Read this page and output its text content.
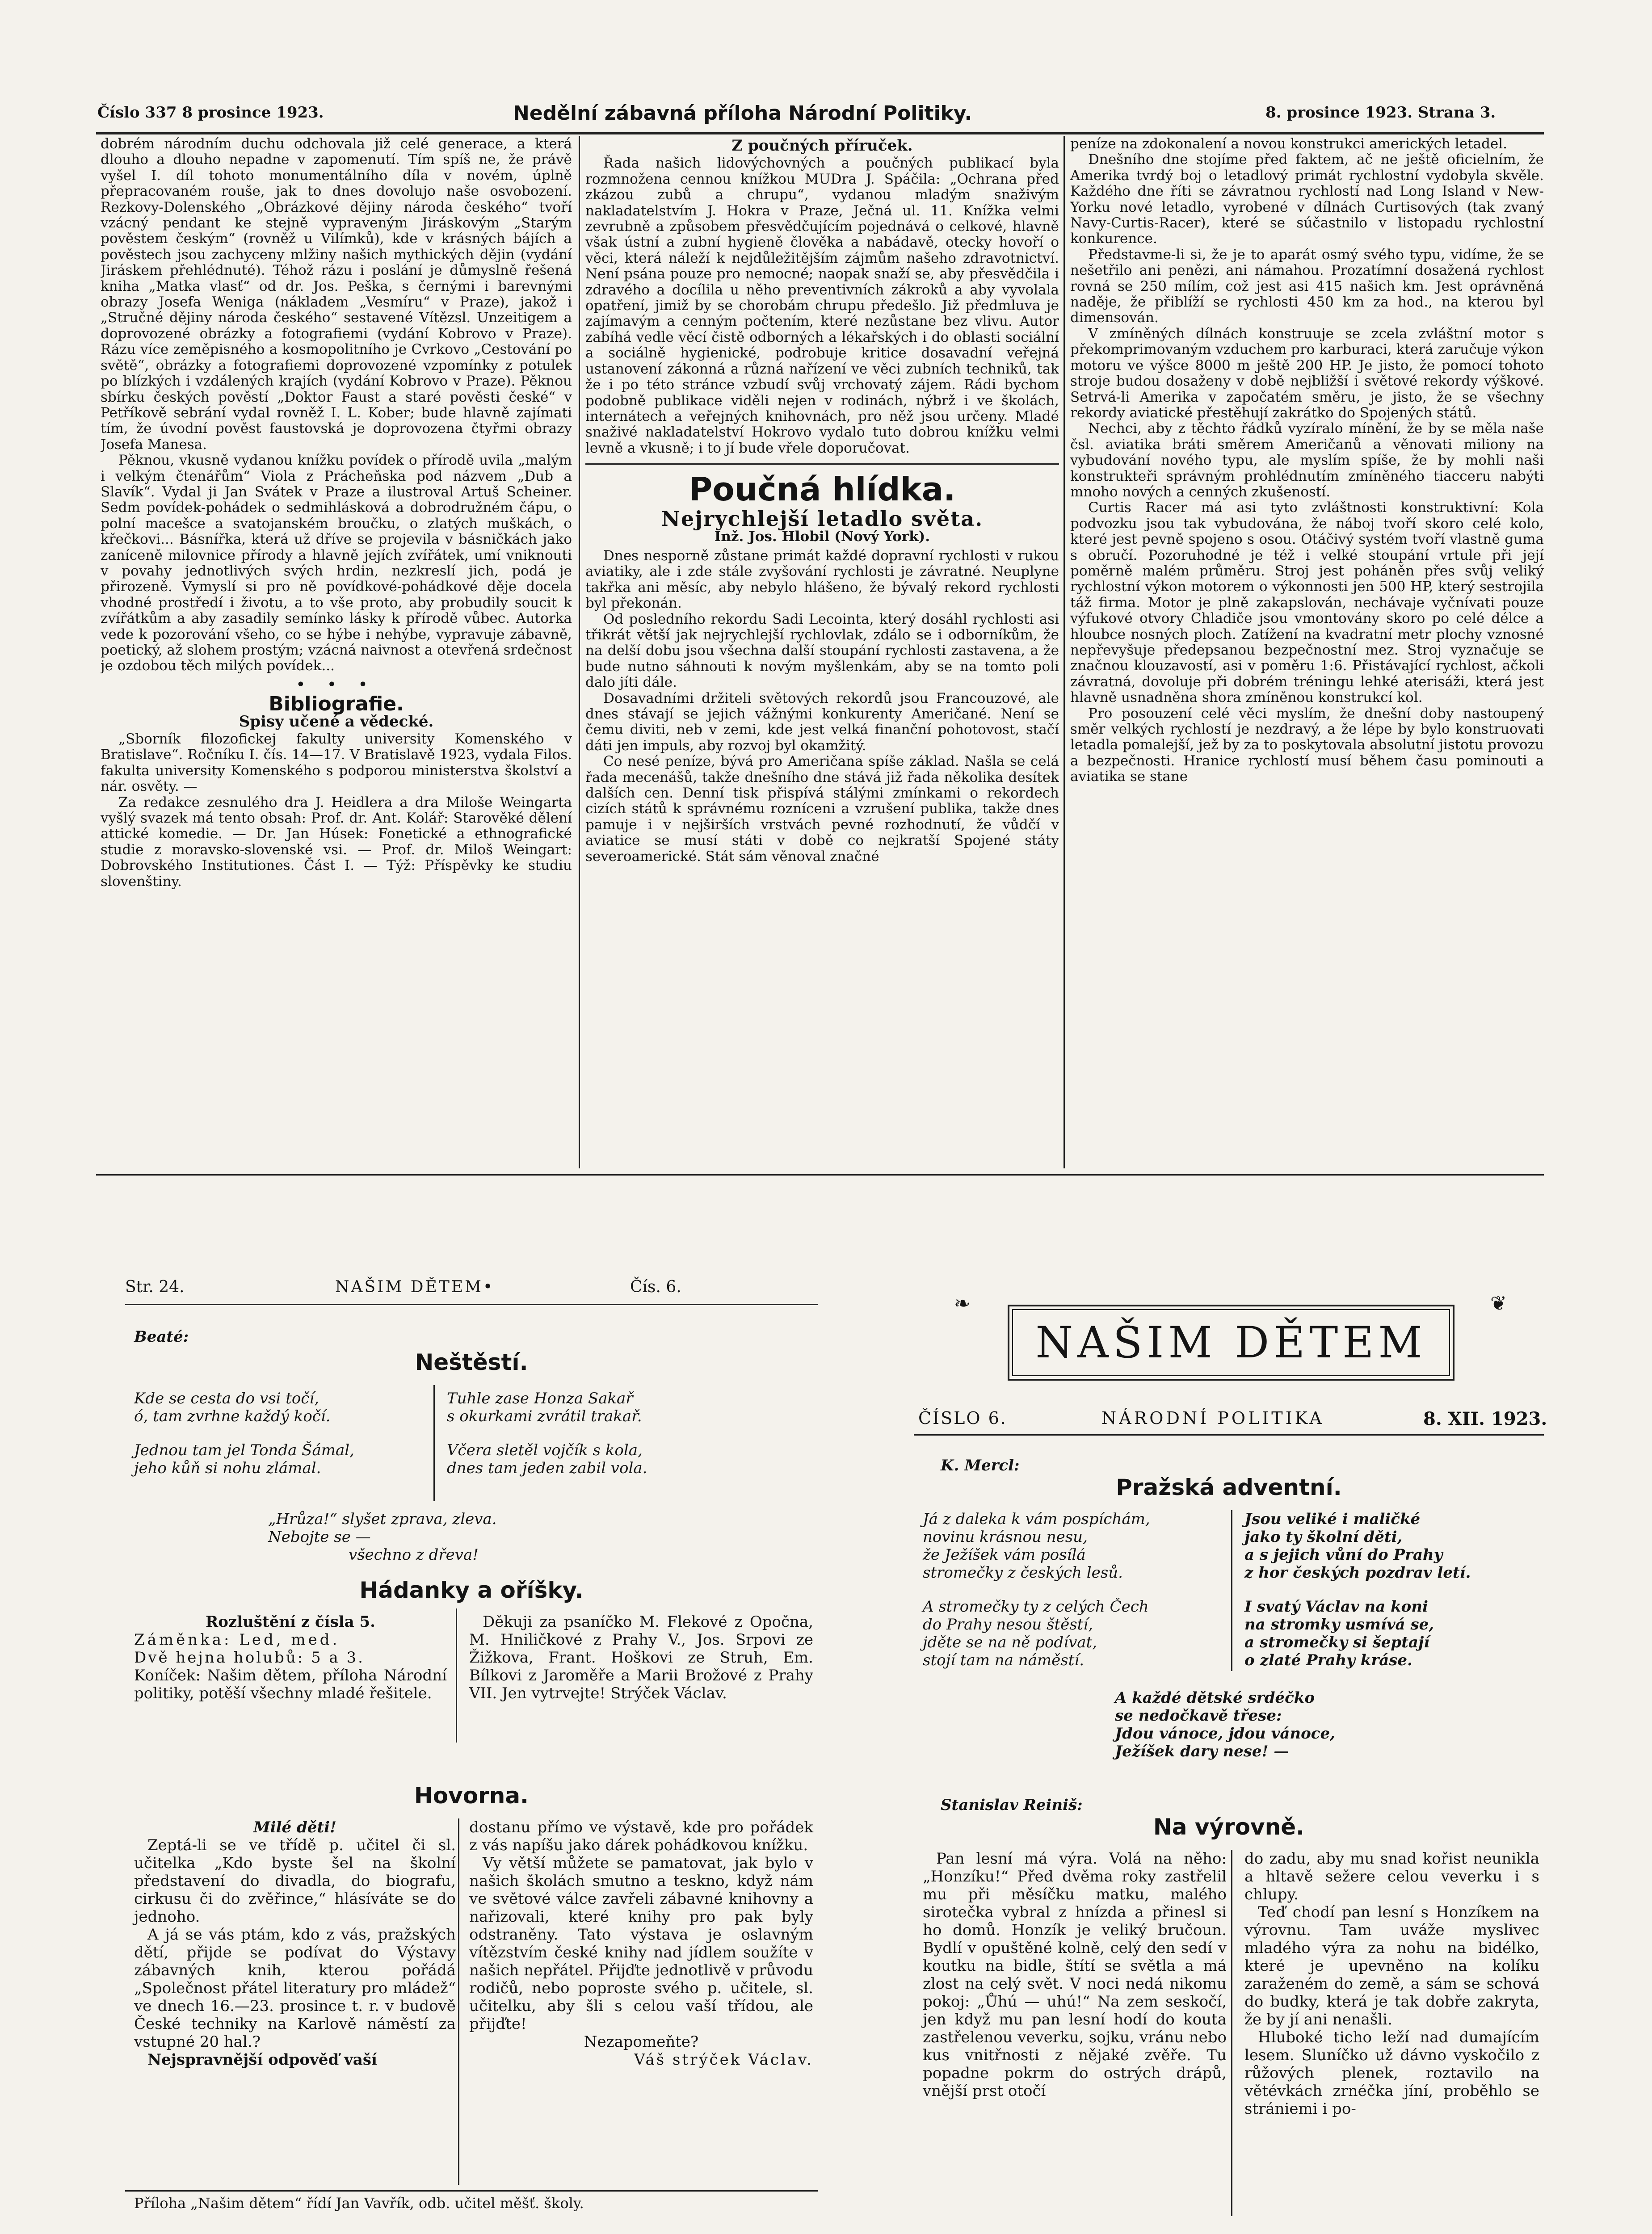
Číslo 337 8 prosince 1923.	Nedělní zábavná příloha Národní Politiky.	8. prosince 1923. Strana 3.

dobrém národním duchu odchovala již celé generace, a která dlouho a dlouho nepadne v zapomenutí. Tím spíš ne, že právě vyšel I. díl tohoto monumentálního díla v novém, úplně přepracovaném rouše, jak to dnes dovolujo naše osvobození. Rezkovy-Dolenského „Obrázkové dějiny národa českého“ tvoří vzácný pendant ke stejně vypraveným Jiráskovým „Starým pověstem českým“ (rovněž u Vilímků), kde v krásných bájích a pověstech jsou zachyceny mlžiny našich mythických dějin (vydání Jiráskem přehlédnuté). Téhož rázu i poslání je důmyslně řešená kniha „Matka vlasť“ od dr. Jos. Peška, s černými i barevnými obrazy Josefa Weniga (nákladem „Vesmíru“ v Praze), jakož i „Stručné dějiny národa českého“ sestavené Vítězsl. Unzeitigem a doprovozené obrázky a fotografiemi (vydání Kobrovo v Praze). Rázu více zeměpisného a kosmopolitního je Cvrkovo „Cestování po světě“, obrázky a fotografiemi doprovozené vzpomínky z potulek po blízkých i vzdálených krajích (vydání Kobrovo v Praze). Pěknou sbírku českých pověstí „Doktor Faust a staré pověsti české“ v Petříkově sebrání vydal rovněž I. L. Kober; bude hlavně zajímati tím, že úvodní pověst faustovská je doprovozena čtyřmi obrazy Josefa Manesa.

Pěknou, vkusně vydanou knížku povídek o přírodě uvila „malým i velkým čtenářům“ Viola z Prácheňska pod názvem „Dub a Slavík“. Vydal ji Jan Svátek v Praze a ilustroval Artuš Scheiner. Sedm povídek-pohádek o sedmihlásková a dobrodružném čápu, o polní macešce a svatojanském broučku, o zlatých muškách, o křečkovi... Básnířka, která už dříve se projevila v básničkách jako zaníceně milovnice přírody a hlavně jejích zvířátek, umí vniknouti v povahy jednotlivých svých hrdin, nezkreslí jich, podá je přirozeně. Vymyslí si pro ně povídkové-pohádkové děje docela vhodné prostředí i životu, a to vše proto, aby probudily soucit k zvířátkům a aby zasadily semínko lásky k přírodě vůbec. Autorka vede k pozorování všeho, co se hýbe i nehýbe, vypravuje zábavně, poetický, až slohem prostým; vzácná naivnost a otevřená srdečnost je ozdobou těch milých povídek...

• • •
Bibliografie.
Spisy učené a vědecké.

„Sborník filozofickej fakulty university Komenského v Bratislave“. Ročníku I. čís. 14—17. V Bratislavě 1923, vydala Filos. fakulta university Komenského s podporou ministerstva školství a nár. osvěty. —

Za redakce zesnulého dra J. Heidlera a dra Miloše Weingarta vyšlý svazek má tento obsah: Prof. dr. Ant. Kolář: Starověké dělení attické komedie. — Dr. Jan Húsek: Fonetické a ethnografické studie z moravsko-slovenské vsi. — Prof. dr. Miloš Weingart: Dobrovského Institutiones. Část I. — Týž: Příspěvky ke studiu slovenštiny.

Z poučných příruček.

Řada našich lidovýchovných a poučných publikací byla rozmnožena cennou knížkou MUDra J. Spáčila: „Ochrana před zkázou zubů a chrupu“, vydanou mladým snaživým nakladatelstvím J. Hokra v Praze, Ječná ul. 11. Knížka velmi zevrubně a způsobem přesvědčujícím pojednává o celkové, hlavně však ústní a zubní hygieně člověka a nabádavě, otecky hovoří o věci, která náleží k nejdůležitějším zájmům našeho zdravotnictví. Není psána pouze pro nemocné; naopak snaží se, aby přesvědčila i zdravého a docílila u něho preventivních zákroků a aby vyvolala opatření, jimiž by se chorobám chrupu předešlo. Již předmluva je zajímavým a cenným počtením, které nezůstane bez vlivu. Autor zabíhá vedle věcí čistě odborných a lékařských i do oblasti sociální a sociálně hygienické, podrobuje kritice dosavadní veřejná ustanovení zákonná a různá nařízení ve věci zubních techniků, tak že i po této stránce vzbudí svůj vrchovatý zájem. Rádi bychom podobně publikace viděli nejen v rodinách, nýbrž i ve školách, internátech a veřejných knihovnách, pro něž jsou určeny. Mladé snaživé nakladatelství Hokrovo vydalo tuto dobrou knížku velmi levně a vkusně; i to jí bude vřele doporučovat.

Poučná hlídka.
Nejrychlejší letadlo světa.
Inž. Jos. Hlobil (Nový York).

Dnes nesporně zůstane primát každé dopravní rychlosti v rukou aviatiky, ale i zde stále zvyšování rychlosti je závratné. Neuplyne takřka ani měsíc, aby nebylo hlášeno, že bývalý rekord rychlosti byl překonán.

Od posledního rekordu Sadi Lecointa, který dosáhl rychlosti asi třikrát větší jak nejrychlejší rychlovlak, zdálo se i odborníkům, že na delší dobu jsou všechna další stoupání rychlosti zastavena, a že bude nutno sáhnouti k novým myšlenkám, aby se na tomto poli dalo jíti dále.

Dosavadními držiteli světových rekordů jsou Francouzové, ale dnes stávají se jejich vážnými konkurenty Američané. Není se čemu diviti, neb v zemi, kde jest velká finanční pohotovost, stačí dáti jen impuls, aby rozvoj byl okamžitý.

Co nesé peníze, bývá pro Američana spíše základ. Našla se celá řada mecenášů, takže dnešního dne stává již řada několika desítek dalších cen. Denní tisk přispívá stálými zmínkami o rekordech cizích států k správnému rozníceni a vzrušení publika, takže dnes pamuje i v nejširších vrstvách pevné rozhodnutí, že vůdčí v aviatice se musí státi v době co nejkratší Spojené státy severoamerické. Stát sám věnoval značné

peníze na zdokonalení a novou konstrukci amerických letadel.

Dnešního dne stojíme před faktem, ač ne ještě oficielním, že Amerika tvrdý boj o letadlový primát rychlostní vydobyla skvěle. Každého dne říti se závratnou rychlostí nad Long Island v New-Yorku nové letadlo, vyrobené v dílnách Curtisových (tak zvaný Navy-Curtis-Racer), které se súčastnilo v listopadu rychlostní konkurence.

Představme-li si, že je to aparát osmý svého typu, vidíme, že se nešetřilo ani penězi, ani námahou. Prozatímní dosažená rychlost rovná se 250 mílím, což jest asi 415 našich km. Jest oprávněná naděje, že přiblíží se rychlosti 450 km za hod., na kterou byl dimensován.

V zmíněných dílnách konstruuje se zcela zvláštní motor s překomprimovaným vzduchem pro karburaci, která zaručuje výkon motoru ve výšce 8000 m ještě 200 HP. Je jisto, že pomocí tohoto stroje budou dosaženy v době nejbližší i světové rekordy výškové. Setrvá-li Amerika v započatém směru, je jisto, že se všechny rekordy aviatické přestěhují zakrátko do Spojených států.

Nechci, aby z těchto řádků vyzíralo mínění, že by se měla naše čsl. aviatika bráti směrem Američanů a věnovati miliony na vybudování nového typu, ale myslím spíše, že by mohli naši konstrukteři správným prohlédnutím zmíněného tiacceru nabýti mnoho nových a cenných zkušeností.

Curtis Racer má asi tyto zvláštnosti konstruktivní: Kola podvozku jsou tak vybudována, že nábој tvoří skoro celé kolo, které jest pevně spojeno s osou. Otáčivý systém tvoří vlastně guma s obručí. Pozoruhodné je též i velké stoupání vrtule při její poměrně malém průměru. Stroj jest poháněn přes svůj veliký rychlostní výkon motorem o výkonnosti jen 500 HP, který sestrojila táž firma. Motor je plně zakapslován, nechávaje vyčnívati pouze výfukové otvory Chladiče jsou vmontovány skoro po celé délce a hloubce nosných ploch. Zatížení na kvadratní metr plochy vznosné nepřevyšuje předepsanou bezpečnostní mez. Stroj vyznačuje se značnou klouzavostí, asi v poměru 1:6. Přistávající rychlost, ačkoli závratná, dovoluje při dobrém tréningu lehké aterisáži, která jest hlavně usnadněna shora zmíněnou konstrukcí kol.

Pro posouzení celé věci myslím, že dnešní doby nastoupený směr velkých rychlostí je nezdravý, a že lépe by bylo konstruovati letadla pomalejší, jež by za to poskytovala absolutní jistotu provozu a bezpečnosti. Hranice rychlostí musí během času pominouti a aviatika se stane

Str. 24.	NAŠIM DĚTEM•	Čís. 6.
Beaté:
Neštěstí.

Kde se cesta do vsi točí,

ó, tam zvrhne každý kočí.

Jednou tam jel Tonda Šámal,

jeho kůň si nohu zlámal.

Tuhle zase Honza Sakař

s okurkami zvrátil trakař.

Včera sletěl vojčík s kola,

dnes tam jeden zabil vola.

„Hrůza!“ slyšet zprava, zleva.

Nebojte se —

všechno z dřeva!

Hádanky a oříšky.

Rozluštění z čísla 5.

Záměnka: Led, med.

Dvě hejna holubů: 5 a 3.

Koníček: Našim dětem, příloha Národní politiky, potěší všechny mladé řešitele.

Děkuji za psaníčko M. Flekové z Opočna, M. Hniličkové z Prahy V., Jos. Srpovi ze Žižkova, Frant. Hoškovi ze Struh, Em. Bílkovi z Jaroměře a Marii Brožové z Prahy VII. Jen vytrvejte! Strýček Václav.

Hovorna.

Milé děti!

Zeptá-li se ve třídě p. učitel či sl. učitelka „Kdo byste šel na školní představení do divadla, do biografu, cirkusu či do zvěřince,“ hlásíváte se do jednoho.

A já se vás ptám, kdo z vás, pražských dětí, přijde se podívat do Výstavy zábavných knih, kterou pořádá „Společnost přátel literatury pro mládež“ ve dnech 16.—23. prosince t. r. v budově České techniky na Karlově náměstí za vstupné 20 hal.?

Nejspravnější odpověď vaší

dostanu přímo ve výstavě, kde pro pořádek z vás napíšu jako dárek pohádkovou knížku.

Vy větší můžete se pamatovat, jak bylo v našich školách smutno a teskno, když nám ve světové válce zavřeli zábavné knihovny a nařizovali, které knihy pro pak byly odstraněny. Tato výstava je oslavným vítězstvím české knihy nad jídlem soužíte v našich nepřátel. Přijďte jednotlivě v průvodu rodičů, nebo poproste svého p. učitele, sl. učitelku, aby šli s celou vaší třídou, ale přijďte!

Nezapomeňte?

Váš strýček Václav.

Příloha „Našim dětem“ řídí Jan Vavřík, odb. učitel měšť. školy.
❧	❦
NAŠIM DĚTEM
ČÍSLO 6.	NÁRODNÍ POLITIKA	8. XII. 1923.
K. Mercl:
Pražská adventní.

Já z daleka k vám pospíchám,

novinu krásnou nesu,

že Ježíšek vám posílá

stromečky z českých lesů.

A stromečky ty z celých Čech

do Prahy nesou štěstí,

jděte se na ně podívat,

stojí tam na náměstí.

Jsou veliké i maličké

jako ty školní děti,

a s jejich vůní do Prahy

z hor českých pozdrav letí.

I svatý Václav na koni

na stromky usmívá se,

a stromečky si šeptají

o zlaté Prahy kráse.

A každé dětské srdéčko

se nedočkavě třese:

Jdou vánoce, jdou vánoce,

Ježíšek dary nese! —

Stanislav Reiniš:
Na výrovně.

Pan lesní má výra. Volá na něho: „Honzíku!“ Před dvěma roky zastřelil mu při měsíčku matku, malého sirotečka vybral z hnízda a přinesl si ho domů. Honzík je veliký bručoun. Bydlí v opuštěné kolně, celý den sedí v koutku na bidle, štítí se světla a má zlost na celý svět. V noci nedá nikomu pokoj: „Ůhú — uhú!“ Na zem seskočí, jen když mu pan lesní hodí do kouta zastřelenou veverku, sojku, vránu nebo kus vnitřnosti z nějaké zvěře. Tu popadne pokrm do ostrých drápů, vnější prst otočí

do zadu, aby mu snad kořist neunikla a hltavě sežere celou veverku i s chlupy.

Teď chodí pan lesní s Honzíkem na výrovnu. Tam uváže myslivec mladého výra za nohu na bidélko, které je upevněno na kolíku zaraženém do země, a sám se schová do budky, která je tak dobře zakryta, že by jí ani nenašli.

Hluboké ticho leží nad dumajícím lesem. Sluníčko už dávno vyskočilo z růžových plenek, roztavilo na větévkách zrnéčka jíní, proběhlo se strániemi i po-
